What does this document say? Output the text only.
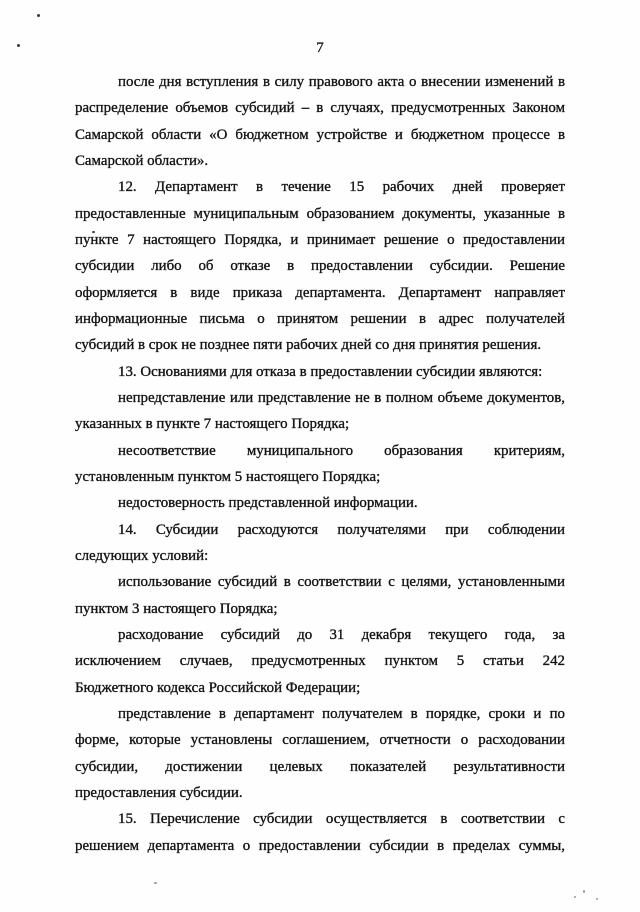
7
после дня вступления в силу правового акта о внесении изменений в
распределение объемов субсидий – в случаях, предусмотренных Законом
Самарской области «О бюджетном устройстве и бюджетном процессе в
Самарской области».
12. Департамент в течение 15 рабочих дней проверяет
предоставленные муниципальным образованием документы, указанные в
пункте 7 настоящего Порядка, и принимает решение о предоставлении
субсидии либо об отказе в предоставлении субсидии. Решение
оформляется в виде приказа департамента. Департамент направляет
информационные письма о принятом решении в адрес получателей
субсидий в срок не позднее пяти рабочих дней со дня принятия решения.
13. Основаниями для отказа в предоставлении субсидии являются:
непредставление или представление не в полном объеме документов,
указанных в пункте 7 настоящего Порядка;
несоответствие муниципального образования критериям,
установленным пунктом 5 настоящего Порядка;
недостоверность представленной информации.
14. Субсидии расходуются получателями при соблюдении
следующих условий:
использование субсидий в соответствии с целями, установленными
пунктом 3 настоящего Порядка;
расходование субсидий до 31 декабря текущего года, за
исключением случаев, предусмотренных пунктом 5 статьи 242
Бюджетного кодекса Российской Федерации;
представление в департамент получателем в порядке, сроки и по
форме, которые установлены соглашением, отчетности о расходовании
субсидии, достижении целевых показателей результативности
предоставления субсидии.
15. Перечисление субсидии осуществляется в соответствии с
решением департамента о предоставлении субсидии в пределах суммы,
